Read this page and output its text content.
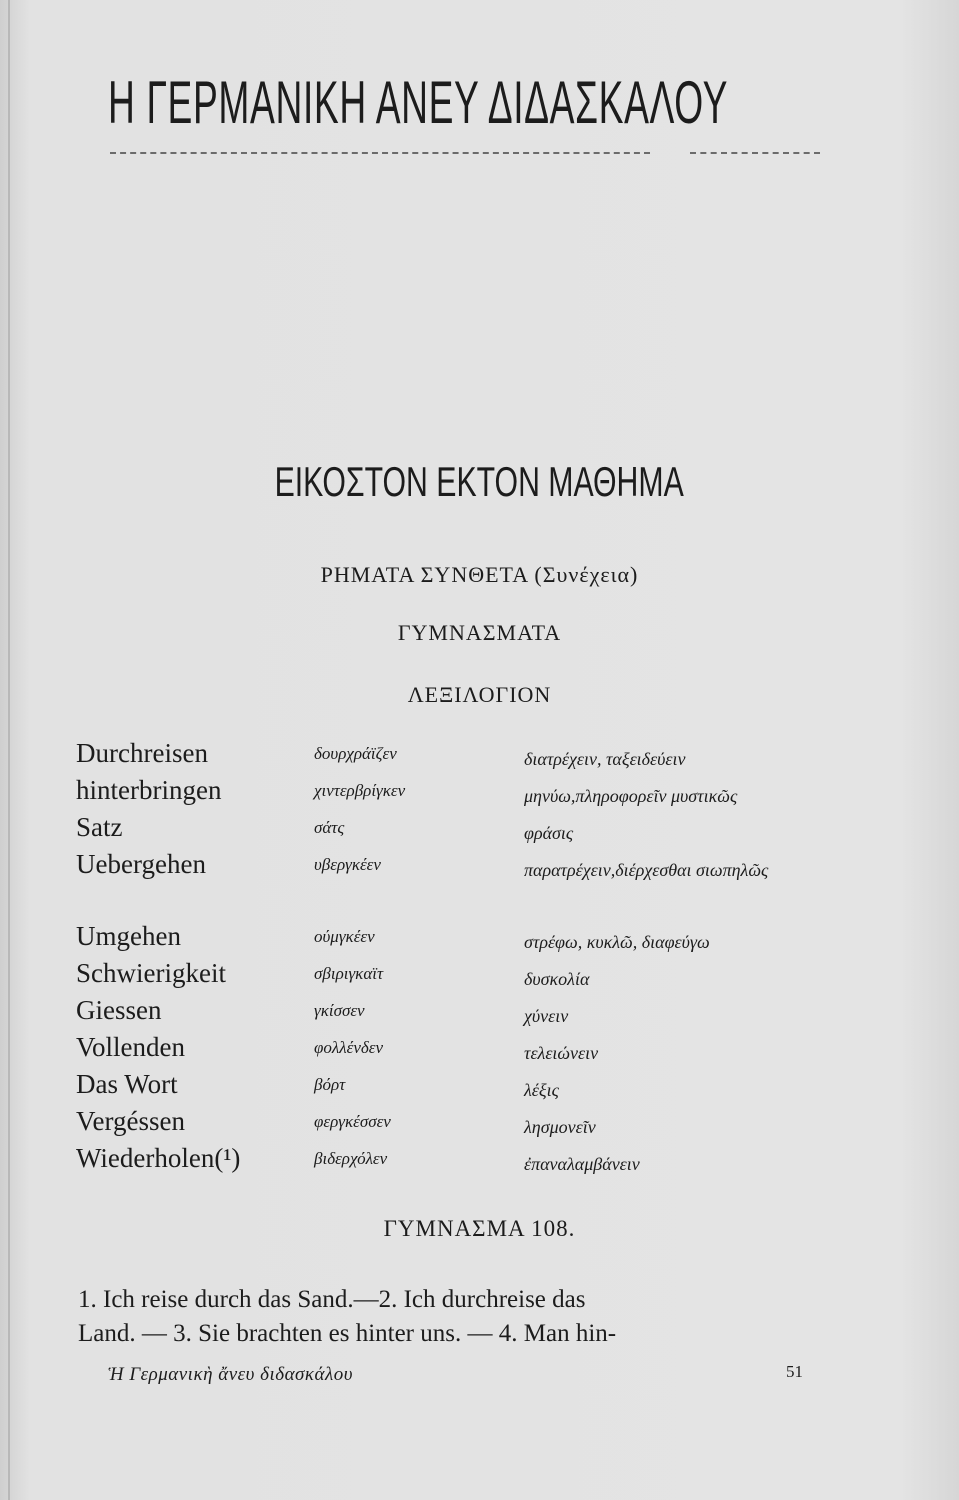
Η ΓΕΡΜΑΝΙΚΗ ΑΝΕΥ ΔΙΔΑΣΚΑΛΟΥ
ΕΙΚΟΣΤΟΝ ΕΚΤΟΝ ΜΑΘΗΜΑ
ΡΗΜΑΤΑ ΣΥΝΘΕΤΑ (Συνέχεια)
ΓΥΜΝΑΣΜΑΤΑ
ΛΕΞΙΛΟΓΙΟΝ
Durchreisen	δουρχράϊζεν	διατρέχειν, ταξειδεύειν
hinterbringen	χιντερβρίγκεν	μηνύω,πληροφορεῖν μυστικῶς
Satz	σάτς	φράσις
Uebergehen	υβεργκέεν	παρατρέχειν,διέρχεσθαι σιωπηλῶς
Umgehen	ούμγκέεν	στρέφω, κυκλῶ, διαφεύγω
Schwierigkeit	σβιριγκαϊτ	δυσκολία
Giessen	γκίσσεν	χύνειν
Vollenden	φολλένδεν	τελειώνειν
Das Wort	βόρτ	λέξις
Vergéssen	φεργκέσσεν	λησμονεῖν
Wiederholen(¹)	βιδερχόλεν	ἐπαναλαμβάνειν
ΓΥΜΝΑΣΜΑ 108.
1. Ich reise durch das Sand.—2. Ich durchreise das
Land. — 3. Sie brachten es hinter uns. — 4. Man hin-
Ἡ Γερμανικὴ ἄνευ διδασκάλου	51
